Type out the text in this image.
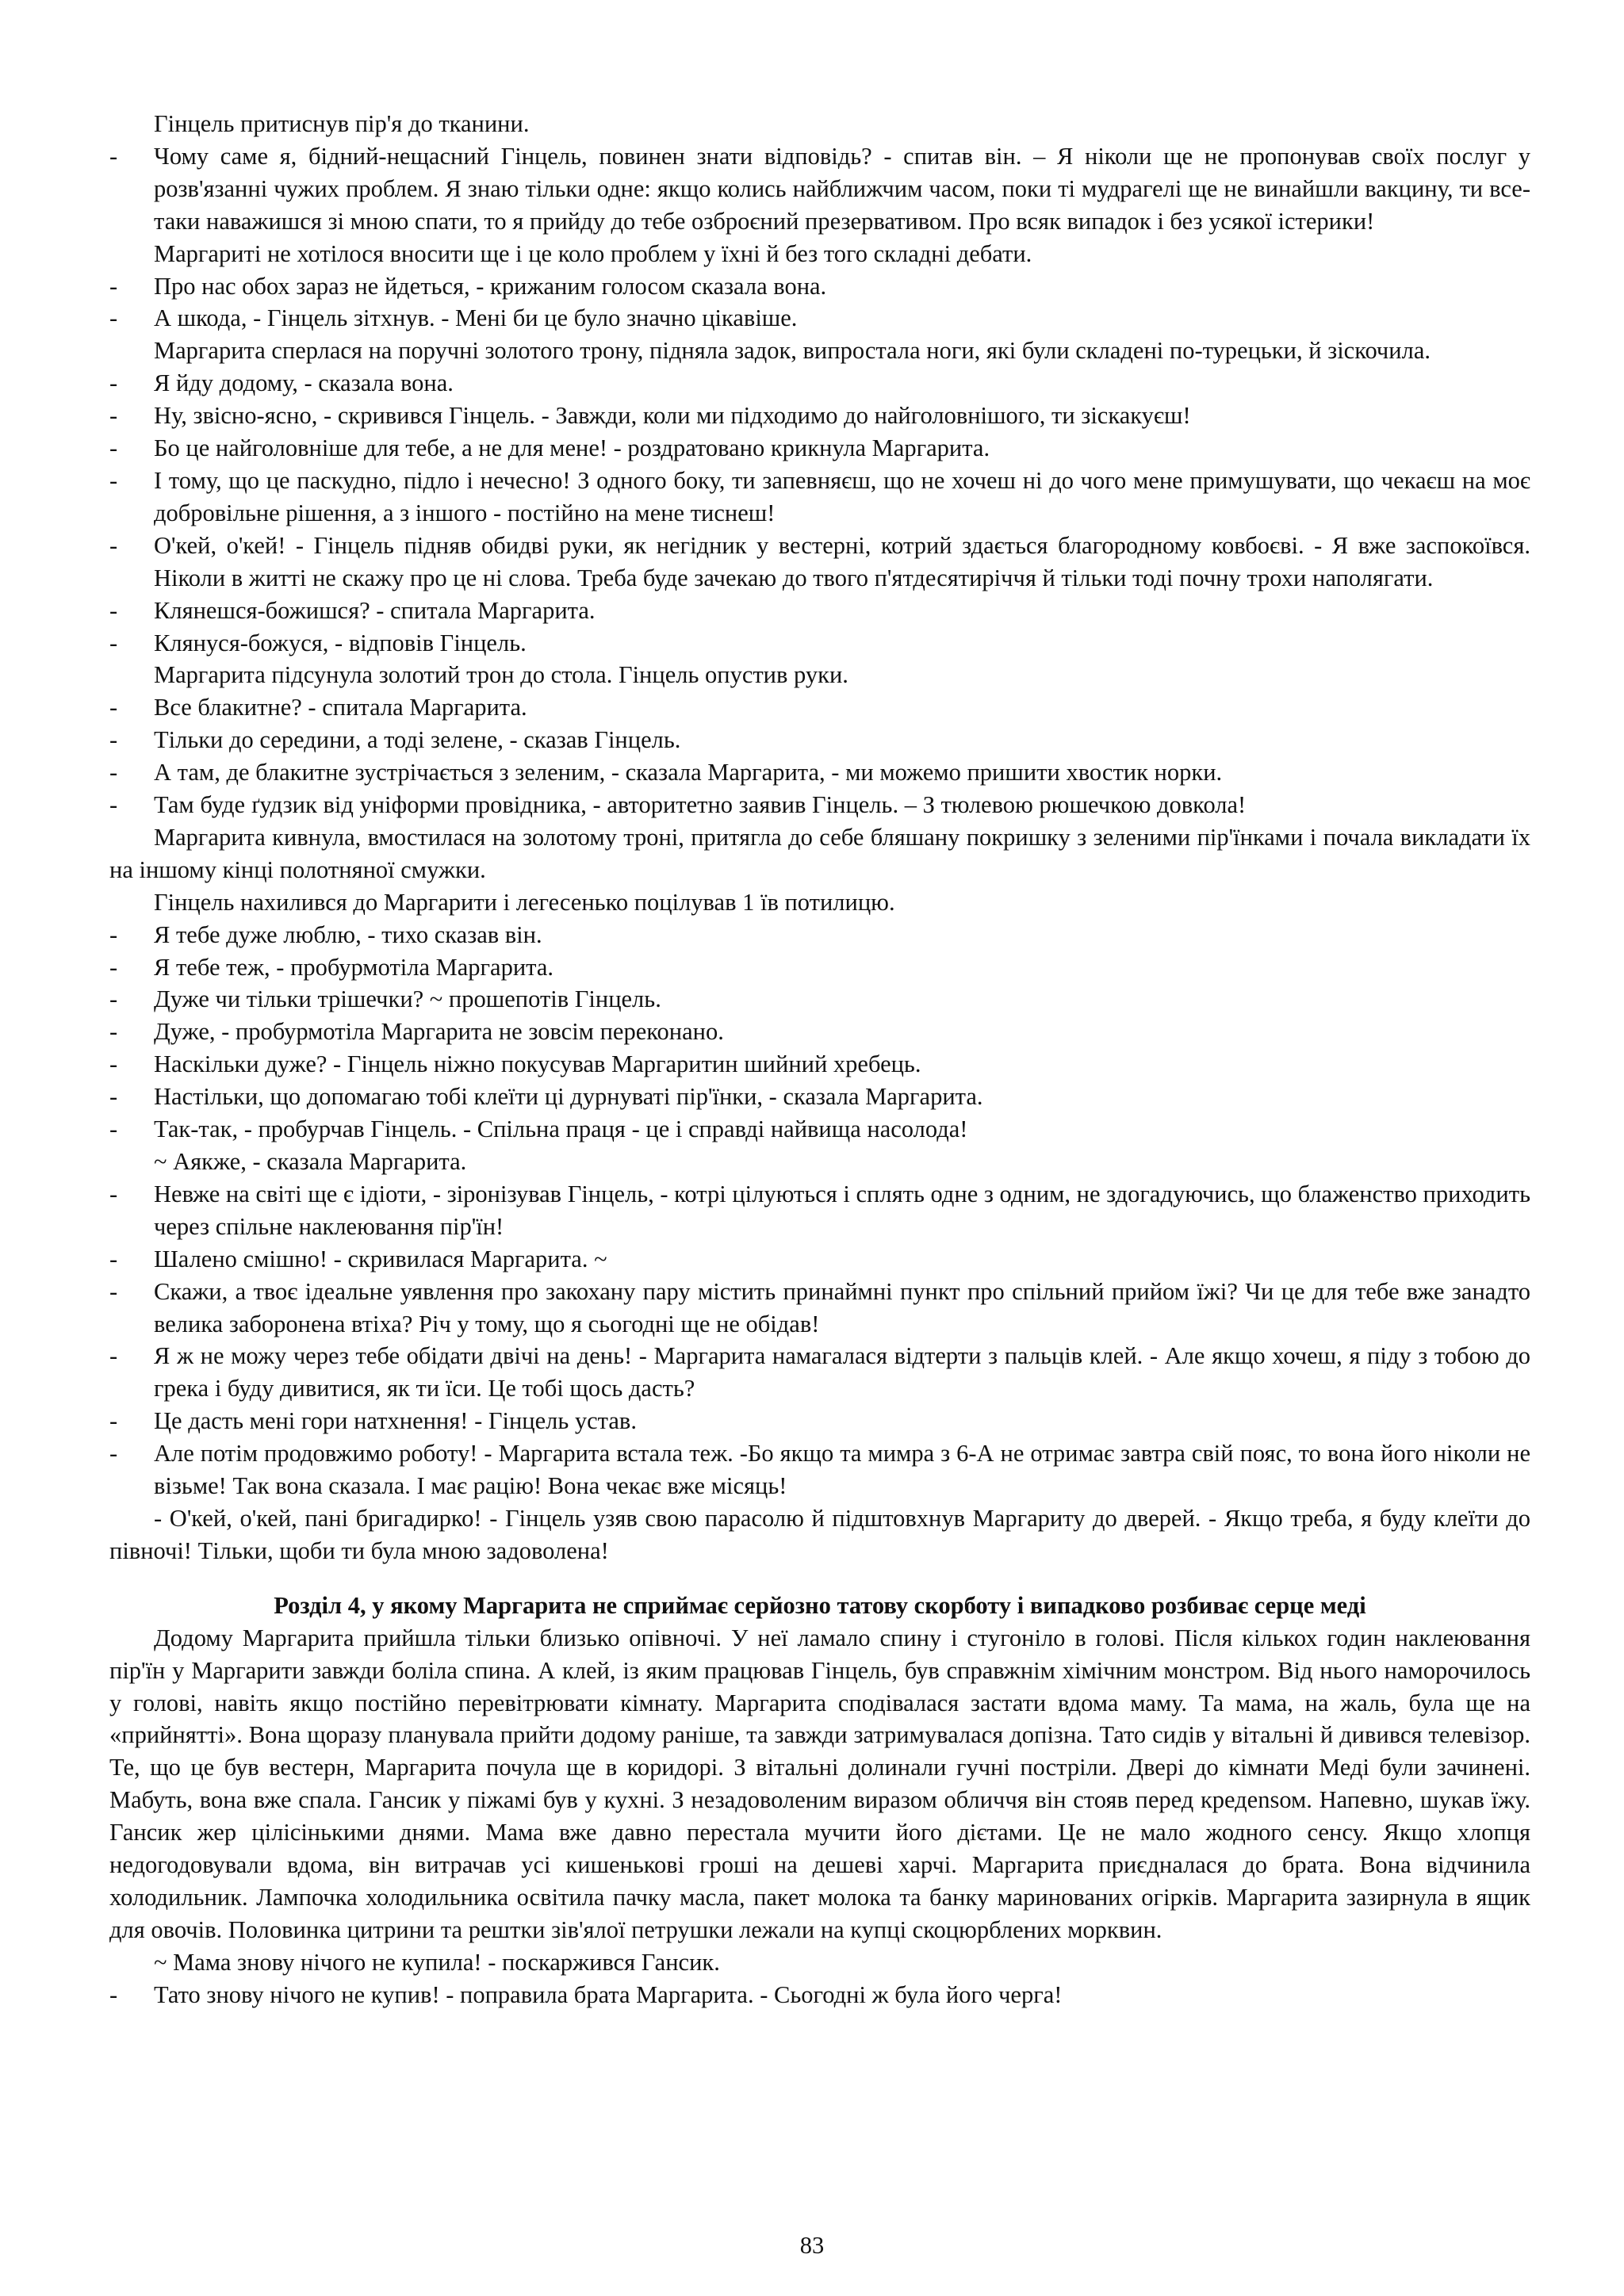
Гінцель притиснув пір'я до тканини.
- Чому саме я, бідний-нещасний Гінцель, повинен знати відповідь? - спитав він. – Я ніколи ще не пропонував своїх послуг у розв'язанні чужих проблем. Я знаю тільки одне: якщо колись найближчим часом, поки ті мудрагелі ще не винайшли вакцину, ти все-таки наважишся зі мною спати, то я прийду до тебе озброєний презервативом. Про всяк випадок і без усякої істерики!
Маргариті не хотілося вносити ще і це коло проблем у їхні й без того складні дебати.
- Про нас обох зараз не йдеться, - крижаним голосом сказала вона.
- А шкода, - Гінцель зітхнув. - Мені би це було значно цікавіше.
Маргарита сперлася на поручні золотого трону, підняла задок, випростала ноги, які були складені по-турецьки, й зіскочила.
- Я йду додому, - сказала вона.
- Ну, звісно-ясно, - скривився Гінцель. - Завжди, коли ми підходимо до найголовнішого, ти зіскакуєш!
- Бо це найголовніше для тебе, а не для мене! - роздратовано крикнула Маргарита.
- І тому, що це паскудно, підло і нечесно! З одного боку, ти запевняєш, що не хочеш ні до чого мене примушувати, що чекаєш на моє добровільне рішення, а з іншого - постійно на мене тиснеш!
- О'кей, о'кей! - Гінцель підняв обидві руки, як негідник у вестерні, котрий здається благородному ковбоєві. - Я вже заспокоївся. Ніколи в житті не скажу про це ні слова. Треба буде зачекаю до твого п'ятдесятиріччя й тільки тоді почну трохи наполягати.
- Клянешся-божишся? - спитала Маргарита.
- Клянуся-божуся, - відповів Гінцель.
Маргарита підсунула золотий трон до стола. Гінцель опустив руки.
- Все блакитне? - спитала Маргарита.
- Тільки до середини, а тоді зелене, - сказав Гінцель.
- А там, де блакитне зустрічається з зеленим, - сказала Маргарита, - ми можемо пришити хвостик норки.
- Там буде ґудзик від уніформи провідника, - авторитетно заявив Гінцель. – З тюлевою рюшечкою довкола!
Маргарита кивнула, вмостилася на золотому троні, притягла до себе бляшану покришку з зеленими пір'їнками і почала викладати їх на іншому кінці полотняної смужки.
Гінцель нахилився до Маргарити і легесенько поцілував 1 їв потилицю.
- Я тебе дуже люблю, - тихо сказав він.
- Я тебе теж, - пробурмотіла Маргарита.
- Дуже чи тільки трішечки? ~ прошепотів Гінцель.
- Дуже, - пробурмотіла Маргарита не зовсім переконано.
- Наскільки дуже? - Гінцель ніжно покусував Маргаритин шийний хребець.
- Настільки, що допомагаю тобі клеїти ці дурнуваті пір'їнки, - сказала Маргарита.
- Так-так, - пробурчав Гінцель. - Спільна праця - це і справді найвища насолода!
~ Аякже, - сказала Маргарита.
- Невже на світі ще є ідіоти, - зіронізував Гінцель, - котрі цілуються і сплять одне з одним, не здогадуючись, що блаженство приходить через спільне наклеювання пір'їн!
- Шалено смішно! - скривилася Маргарита. ~
- Скажи, а твоє ідеальне уявлення про закохану пару містить принаймні пункт про спільний прийом їжі? Чи це для тебе вже занадто велика заборонена втіха? Річ у тому, що я сьогодні ще не обідав!
- Я ж не можу через тебе обідати двічі на день! - Маргарита намагалася відтерти з пальців клей. - Але якщо хочеш, я піду з тобою до грека і буду дивитися, як ти їси. Це тобі щось дасть?
- Це дасть мені гори натхнення! - Гінцель устав.
- Але потім продовжимо роботу! - Маргарита встала теж. -Бо якщо та мимра з 6-А не отримає завтра свій пояс, то вона його ніколи не візьме! Так вона сказала. І має рацію! Вона чекає вже місяць!
- О'кей, о'кей, пані бригадирко! - Гінцель узяв свою парасолю й підштовхнув Маргариту до дверей. - Якщо треба, я буду клеїти до півночі! Тільки, щоби ти була мною задоволена!
Розділ 4, у якому Маргарита не сприймає серйозно татову скорботу і випадково розбиває серце меді
Додому Маргарита прийшла тільки близько опівночі. У неї ламало спину і стугоніло в голові. Після кількох годин наклеювання пір'їн у Маргарити завжди боліла спина. А клей, із яким працював Гінцель, був справжнім хімічним монстром. Від нього наморочилось у голові, навіть якщо постійно перевітрювати кімнату. Маргарита сподівалася застати вдома маму. Та мама, на жаль, була ще на «прийнятті». Вона щоразу планувала прийти додому раніше, та завжди затримувалася допізна. Тато сидів у вітальні й дивився телевізор. Те, що це був вестерн, Маргарита почула ще в коридорі. З вітальні долинали гучні постріли. Двері до кімнати Меді були зачинені. Мабуть, вона вже спала. Гансик у піжамі був у кухні. З незадоволеним виразом обличчя він стояв перед кредensом. Напевно, шукав їжу. Гансик жер цілісінькими днями. Мама вже давно перестала мучити його дієтами. Це не мало жодного сенсу. Якщо хлопця недогодовували вдома, він витрачав усі кишенькові гроші на дешеві харчі. Маргарита приєдналася до брата. Вона відчинила холодильник. Лампочка холодильника освітила пачку масла, пакет молока та банку маринованих огірків. Маргарита зазирнула в ящик для овочів. Половинка цитрини та рештки зів'ялої петрушки лежали на купці скоцюрблених морквин.
~ Мама знову нічого не купила! - поскаржився Гансик.
- Тато знову нічого не купив! - поправила брата Маргарита. - Сьогодні ж була його черга!
83
